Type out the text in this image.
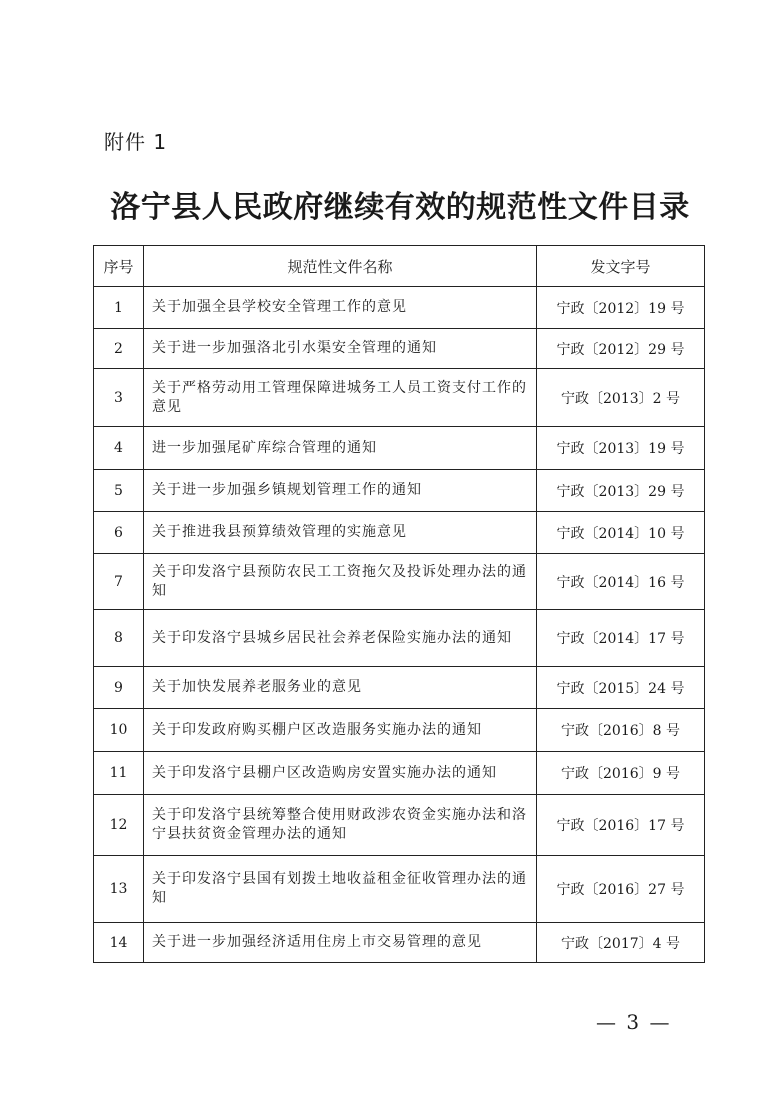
附件 1
洛宁县人民政府继续有效的规范性文件目录
序号	规范性文件名称	发文字号
1	关于加强全县学校安全管理工作的意见	宁政〔2012〕19 号
2	关于进一步加强洛北引水渠安全管理的通知	宁政〔2012〕29 号
3	关于严格劳动用工管理保障进城务工人员工资支付工作的意见	宁政〔2013〕2 号
4	进一步加强尾矿库综合管理的通知	宁政〔2013〕19 号
5	关于进一步加强乡镇规划管理工作的通知	宁政〔2013〕29 号
6	关于推进我县预算绩效管理的实施意见	宁政〔2014〕10 号
7	关于印发洛宁县预防农民工工资拖欠及投诉处理办法的通知	宁政〔2014〕16 号
8	关于印发洛宁县城乡居民社会养老保险实施办法的通知	宁政〔2014〕17 号
9	关于加快发展养老服务业的意见	宁政〔2015〕24 号
10	关于印发政府购买棚户区改造服务实施办法的通知	宁政〔2016〕8 号
11	关于印发洛宁县棚户区改造购房安置实施办法的通知	宁政〔2016〕9 号
12	关于印发洛宁县统筹整合使用财政涉农资金实施办法和洛宁县扶贫资金管理办法的通知	宁政〔2016〕17 号
13	关于印发洛宁县国有划拨土地收益租金征收管理办法的通知	宁政〔2016〕27 号
14	关于进一步加强经济适用住房上市交易管理的意见	宁政〔2017〕4 号
— 3 —
